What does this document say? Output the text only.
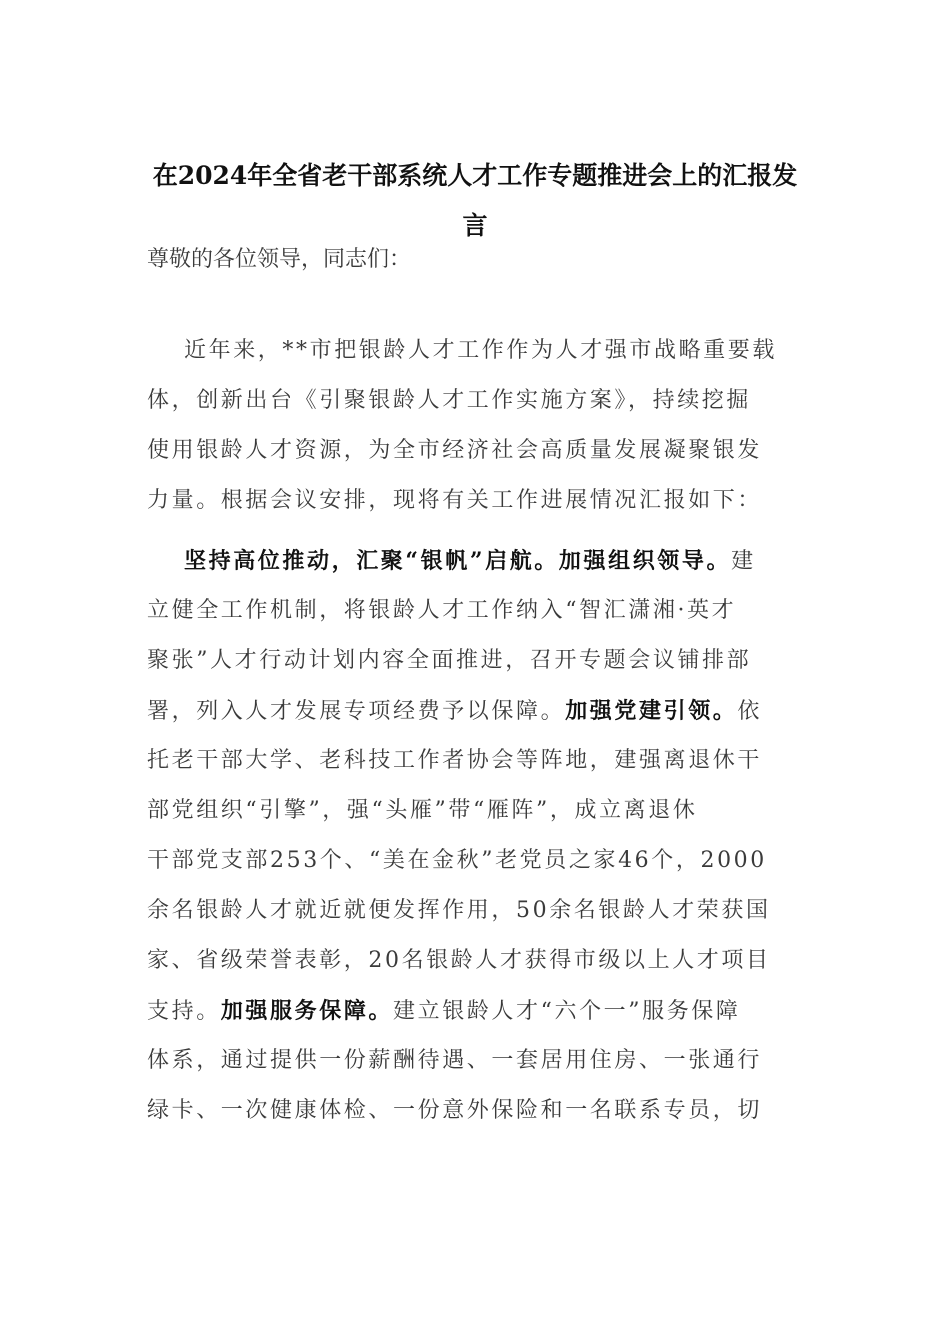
在2024年全省老干部系统人才工作专题推进会上的汇报发
言

尊敬的各位领导，同志们：

近年来，**市把银龄人才工作作为人才强市战略重要载
体，创新出台《引聚银龄人才工作实施方案》，持续挖掘
使用银龄人才资源，为全市经济社会高质量发展凝聚银发
力量。根据会议安排，现将有关工作进展情况汇报如下：
坚持高位推动，汇聚“银帆”启航。加强组织领导。建
立健全工作机制，将银龄人才工作纳入“智汇潇湘·英才
聚张”人才行动计划内容全面推进，召开专题会议铺排部
署，列入人才发展专项经费予以保障。加强党建引领。依
托老干部大学、老科技工作者协会等阵地，建强离退休干
部党组织“引擎”，强“头雁”带“雁阵”，成立离退休
干部党支部253个、“美在金秋”老党员之家46个，2000
余名银龄人才就近就便发挥作用，50余名银龄人才荣获国
家、省级荣誉表彰，20名银龄人才获得市级以上人才项目
支持。加强服务保障。建立银龄人才“六个一”服务保障
体系，通过提供一份薪酬待遇、一套居用住房、一张通行
绿卡、一次健康体检、一份意外保险和一名联系专员，切
